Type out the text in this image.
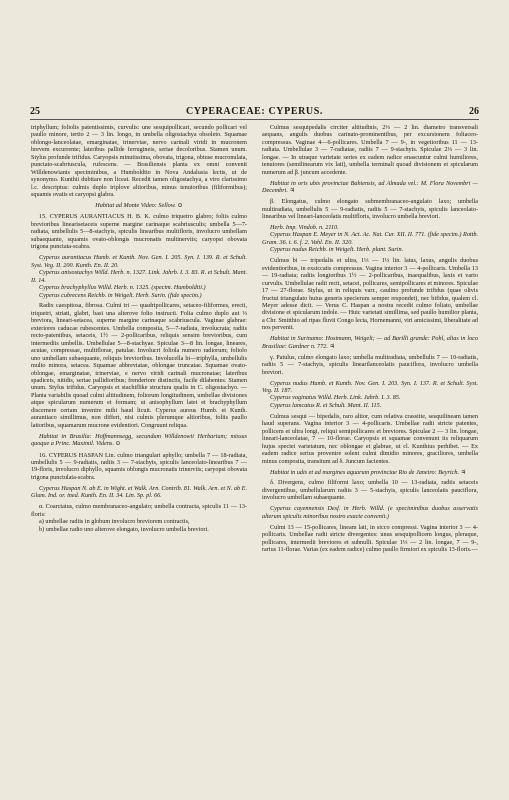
25	CYPERACEAE: CYPERUS.	26

triphyllum; foliolis patentissimis, curvulis: une sesquipollicari, secundo pollicari vel paullo minore, tertio 2 — 3 lin. longo, in umbella oligostachya obsoleto. Squamae oblongo-lanceolatae, emarginatae, trinerviae, nervo carinali viridi in mucronem brevem excurrente; lateribus pallide ferrugineis, seriae decoloribus. Stamen unum. Stylus profunde trifidus. Caryopsis minutissima, obovata, trigona, obtuse mucronulata, punctato-scabriuscula, rufescens. — Brasiliensis planta ex omni convenit Willdenowianis speciminibus, a Humboldtio in Nova Andalusia lectis, ut de synonymo. Kunthii dubitare non liceat. Recedit tamen oligostachya, a viro clarissimo l.c. descriptus: culmis duplo triplove altioribus, minus tenuioribus (filiformibus); squamis ovatis et caryopsi glabra.

Habitat ad Monte Video: Sellow. ⊙

15. CYPERUS AURANTIACUS H. B. K. culmo triquetro glabro; foliis culmo brevioribus linearisetaceis superne margine carinaque scabriusculis; umbella 5—7-radiata, umbellulis 5—8-stachyis, spiculis linearibus multifloris, involucro umbellam subaequante, squamis ovato-oblongis mucronatis multinerviis; caryopsi obovata trigona punctata-scabra.

Cyperus aurantiacus Humb. et Kunth. Nov. Gen. I. 205. Syn. I. 139. R. et Schult. Syst. Veg. II. 200. Kunth. En. II. 20.

Cyperus anisostachys Willd. Herb. n. 1327. Link. Jahrb. I. 3. 83. R. et Schult. Mant. II. 14.

Cyperus brachyphyllus Willd. Herb. n. 1325. (specim. Humboldtii.)

Cyperus cubrecens Reichb. in Weigelt. Herb. Surin. (fide specim.)

Radix caespitosa, fibrosa. Culmi tri — quadripollicares, setaceo-filiformes, erecti, triquetri, striati, glabri, basi una alterove folio instructi. Folia culmo duplo aut ⅓ breviora, lineari-setacea, superne margine carinaque scabriuscula. Vaginae glabrae: exteriores caducae rubescentes. Umbella composita, 5—7-radiata, involucrata; radiis recto-patentibus, setaceis, 1½ — 2-pollicaribus, reliquis sensim brevioribus, cum intermediis umbellis. Umbellulae 5—8-stachyae. Spiculae 3—8 lin. longae, lineares, acutae, compressae, multiflorae, patulae. Involucri foliola numero radiorum; foliolo uno umbellam subaequante, reliquis brevioribus. Involucella bi—triphylla, umbellulis multo minora, setacea. Squamae abbreviatae, oblongae truncatae. Squamae ovato-oblongae, emarginatae, trinerviae, e nervo viridi carinali mucronatae; lateribus spadiceis, nitidis, seriae pallidioribus; frenderiore distinctis, facile dilabentes. Stamen unum. Stylus trifidus. Caryopsis et stachiflike structura qualis in C. oligostachyo. — Planta variabilis quoad culmi altitudinem, foliorum longitudinem, umbellae divisiones atque spicularum numerum et formam; ut anisophyllum latet et brachyphyllum discernere certam invenire mihi haud licuit. Cyperus aureus Humb. et Kunth. aurantiaco simillimus, non differt, nisi culmis plerumque altioribus, foliis paullo latioribus, squamarum mucrone evidentiori. Congruunt reliqua.

Habitat in Brasilia: Hoffmannsegg, secundum Willdenowii Herbarium; missus quoque a Princ. Maximil. Videns. ⊙

16. CYPERUS HASPAN Lin. culmo triangulari aphyllo; umbella 7 — 18-radiata, umbellulis 5 — 9-radiatis, radiis 3 — 7-stachyis, spiculis lanceolato-linearibus 7 — 19-floris, involucro diphyllo, squamis oblongis mucronatis trinerviis; caryopsi obovata trigona punctulata-scabra.

Cyperus Haspan N. ab E. in Wight. et Walk. Arn. Contrib. 81. Walk. Arn. et N. ab E. Glum. Ind. or. ined. Kunth. En. II. 34. Lin. Sp. pl. 66.

α. Coarctatus, culmo membranaceo-angulato; umbella contracta, spiculis 11 — 13-floris:

a) umbellae radiis in globum involucro breviorem contractis,

b) umbellae radio uno alterove elongato, involucro umbella breviori.

Culmus sesquipedalis circiter altitudinis, 2⅓ — 2 lin. diametro transversali aequans, angulis duobus carinato-prominentibus, per excursionem foliaceo-compressus. Vaginae 4—6-pollicares. Umbella 7 — 9-, in vegetioribus 11 — 13-radiata. Umbellulae 3 — 7-radiatae, radiis 7 — 9-stachyis. Spiculae 2⅓ — 3 lin. longae. — In utraque varietate series ex eadem radice enascuntur culmi humiliores, tenuiores (semilinearum vix lati), umbella terminali quoad divisionem et spicularum numerum ad β. juncum accedente.

Habitat in oris ubis provinciae Bahiensis, ad Almada vel.: M. Flora Novembri — Decembri. ♃

β. Elongatus, culmo elongato submembranaceo-angulato laxo; umbella multiradiata, umbellulis 5 — 9-radiatis, radiis 5 — 7-stachyis, spiculis lanceolato-linearibus vel lineari-lanceolatis multifloris, involucro umbella breviori.

Herb. Imp. Vindob. n. 2110.

Cyperus Haspan E. Meyer in N. Act. Ac. Nat. Cur. XII. II. 771. (fide specim.) Rottb. Gram. 36. t. 6. f. 2. Vahl. En. II. 320.

Cyperus nudus Reichb. in Weigelt. Herb. plant. Surin.

Culmus bi — tripedalis et ultra, 1⅓ — 1⅓ lin. latus, laxus, angulis duobus evidentioribus, in exsiccatis compressus. Vagina interior 3 — 4-pollicaris. Umbella 13 — 19-radiata; radiis longioribus 1½ — 2-pollicaribus, inaequalibus, laxis et vario curvulis. Umbellulae radii recti, setacei, pollicares, semipollicares et minores. Spiculae 17 — 27-florae. Stylus, ut in reliquis varr., caulino profunde trifidus (quae olivis fructui triangulato huius generis specierum semper respondet), nec bifidus, qualem cl. Meyer adesse dicit. — Verus C. Haspan a nostra recedit culmo foliato, umbellae divisione et spicularum indole. — Huic varietati simillima, sed paullo humilior planta, a Chr. Smitthio ad ripas fluvii Congo lecta, Hornemanni, viri amicissimi, liberalitate ad nos pervenit.

Habitat in Surinamo: Hostmann, Weigelt; — ad Barilli grande: Pohl, alias in loco Brasiliae: Gardner n. 772. ♃

γ. Patulus, culmo elongato laxo; umbella multiradiata, umbellulis 7 — 10-radiatis, radiis 5 — 7-stachyis, spiculis linearilanceolatis pauciflora, involucro umbella breviori.

Cyperus nudus Humb. et Kunth. Nov. Gen. I. 203. Syn. I. 137. R. et Schult. Syst. Veg. II. 187.

Cyperus vaginatus Willd. Herb. Link. Jahrb. I. 3. 85.

Cyperus lamcatus R. et Schult. Mant. II. 115.

Culmus sesqui — bipedalis, raro altior, cum relativa crassitie, sesquilineam tamen haud superans. Vagina interior 3 — 4-pollicaris. Umbellae radii stricte patentes, pollicem et ultra longi, reliqui semipollicares et breviores. Spiculae 2 — 3 lin. longae, lineari-lanceolatae, 7 — 10-florae. Caryopsis et squamae convenunt iis reliquarum hujus speciei varietatum, nec oblongae et glabrae, ut cl. Kunthius perhibet. — Ex eadem radice serius provenire solent culmi dimidio minores, graciliores, umbella minus composita, transitum ad δ. Juncum facientes.

Habitat in udis et ad margines aquarum provinciae Rio de Janeiro: Beyrich. ♃

δ. Divergens, culmo filiformi laxo; umbella 10 — 13-radiata, radiis setaceis divergentibus, umbellularum radiis 3 — 5-stachyis, spiculis lanceolatis pauciflora, involucro umbellam subaequante.

Cyperus cayennensis Desf. in Herb. Willd. (e speciminibus duobus asservatis alterum spiculis minoribus nostro exacte convenit.)

Culmi 13 — 15-pollicares, lineam lati, in sicco compressi. Vagina interior 3 — 4-pollicaris. Umbellae radii stricte divergentes: unus sesquipollicem longus, pleraque, pollicares, intermedii breviores et subnulli. Spiculae 1⅓ — 2 lin. longae, 7 — 9-, rarius 11-florae. Varias (ex eadem radice) culmo paullo firmiori ex spiculis 13-floris.—
